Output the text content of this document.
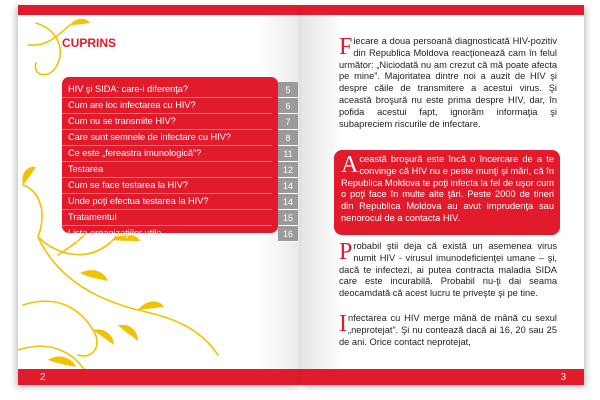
CUPRINS
HIV şi SIDA: care-i diferenţa?	5
Cum are loc infectarea cu HIV?	6
Cum nu se transmite HIV?	7
Care sunt semnele de infectare cu HIV?	8
Ce este „fereastra imunologică”?	11
Testarea	12
Cum se face testarea la HIV?	14
Unde poţi efectua testarea la HIV?	14
Tratamentul	15
Lista organizaţiilor utile	16
2
Fiecare a doua persoană diagnosticată HIV-pozitiv din Republica Moldova reacţionează cam în felul următor: „Niciodată nu am crezut că mă poate afecta pe mine”. Majoritatea dintre noi a auzit de HIV şi despre căile de transmitere a acestui virus. Şi această broşură nu este prima despre HIV, dar, în pofida acestui fapt, ignorăm informaţia şi subapreciem riscurile de infectare.
Această broşură este încă o încercare de a te convinge că HIV nu e peste munţi şi mări, că în Republica Moldova te poţi infecta la fel de uşor cum o poţi face în multe alte ţări. Peste 2000 de tineri din Republica Moldova au avut imprudenţa sau nenorocul de a contacta HIV.
Probabil ştii deja că există un asemenea virus numit HIV - virusul imunodeficienţei umane – şi, dacă te infectezi, ai putea contracta maladia SIDA care este incurabilă. Probabil nu-ţi dai seama deocamdată că acest lucru te priveşte şi pe tine.
Infectarea cu HIV merge mână de mână cu sexul „neprotejat”. Şi nu contează dacă ai 16, 20 sau 25 de ani. Orice contact neprotejat,
3
